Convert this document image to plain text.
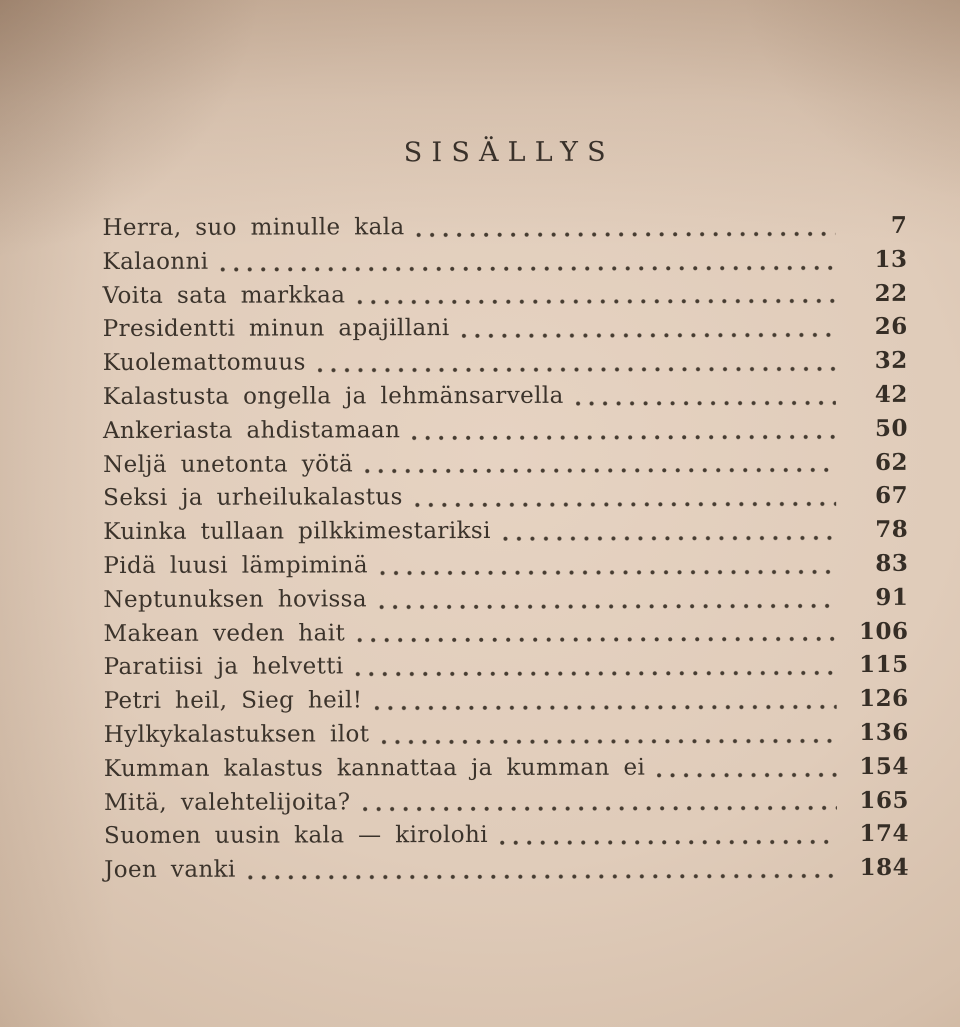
SISÄLLYS
Herra, suo minulle kala	7
Kalaonni	13
Voita sata markkaa	22
Presidentti minun apajillani	26
Kuolemattomuus	32
Kalastusta ongella ja lehmänsarvella	42
Ankeriasta ahdistamaan	50
Neljä unetonta yötä	62
Seksi ja urheilukalastus	67
Kuinka tullaan pilkkimestariksi	78
Pidä luusi lämpiminä	83
Neptunuksen hovissa	91
Makean veden hait	106
Paratiisi ja helvetti	115
Petri heil, Sieg heil!	126
Hylkykalastuksen ilot	136
Kumman kalastus kannattaa ja kumman ei	154
Mitä, valehtelijoita?	165
Suomen uusin kala — kirolohi	174
Joen vanki	184
